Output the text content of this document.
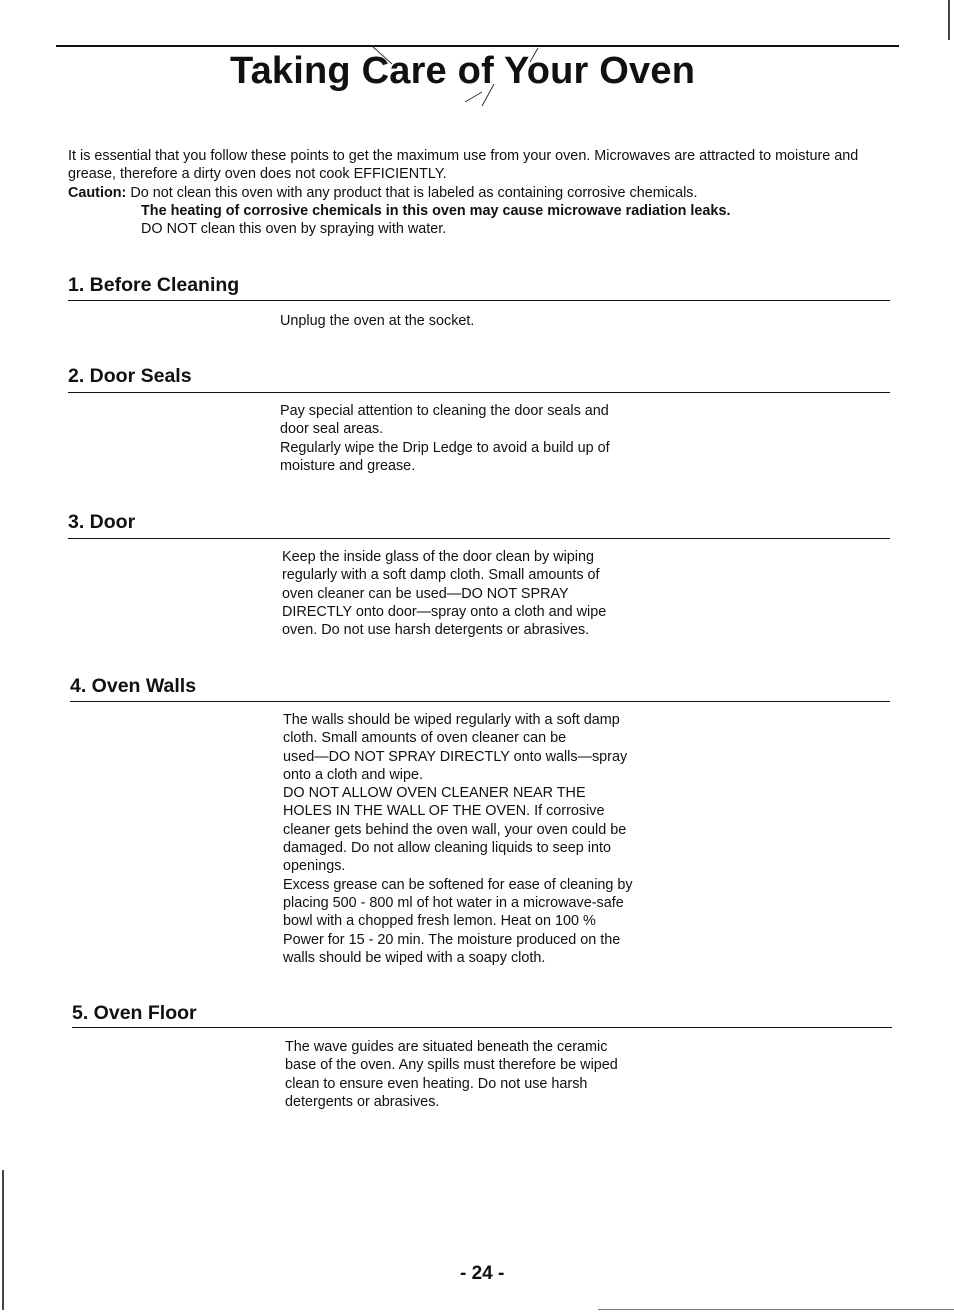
Taking Care of Your Oven

It is essential that you follow these points to get the maximum use from your oven. Microwaves are attracted to moisture and grease, therefore a dirty oven does not cook EFFICIENTLY.

Caution: Do not clean this oven with any product that is labeled as containing corrosive chemicals.

The heating of corrosive chemicals in this oven may cause microwave radiation leaks.

DO NOT clean this oven by spraying with water.

1. Before Cleaning

Unplug the oven at the socket.

2. Door Seals

Pay special attention to cleaning the door seals and

door seal areas.

Regularly wipe the Drip Ledge to avoid a build up of

moisture and grease.

3. Door

Keep the inside glass of the door clean by wiping

regularly with a soft damp cloth. Small amounts of

oven cleaner can be used—DO NOT SPRAY

DIRECTLY onto door—spray onto a cloth and wipe

oven. Do not use harsh detergents or abrasives.

4. Oven Walls

The walls should be wiped regularly with a soft damp

cloth. Small amounts of oven cleaner can be

used—DO NOT SPRAY DIRECTLY onto walls—spray

onto a cloth and wipe.

DO NOT ALLOW OVEN CLEANER NEAR THE

HOLES IN THE WALL OF THE OVEN. If corrosive

cleaner gets behind the oven wall, your oven could be

damaged. Do not allow cleaning liquids to seep into

openings.

Excess grease can be softened for ease of cleaning by

placing 500 - 800 ml of hot water in a microwave-safe

bowl with a chopped fresh lemon. Heat on 100 %

Power for 15 - 20 min. The moisture produced on the

walls should be wiped with a soapy cloth.

5. Oven Floor

The wave guides are situated beneath the ceramic

base of the oven. Any spills must therefore be wiped

clean to ensure even heating. Do not use harsh

detergents or abrasives.

- 24 -
